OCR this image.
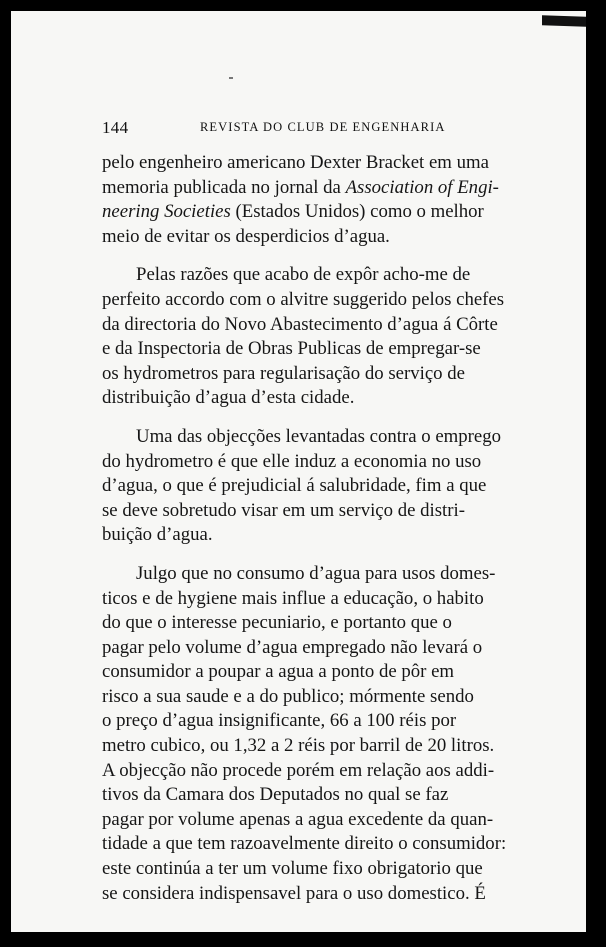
144	REVISTA DO CLUB DE ENGENHARIA

pelo engenheiro americano Dexter Bracket em uma
memoria publicada no jornal da Association of Engi-
neering Societies (Estados Unidos) como o melhor
meio de evitar os desperdicios d’agua.

Pelas razões que acabo de expôr acho-me de
perfeito accordo com o alvitre suggerido pelos chefes
da directoria do Novo Abastecimento d’agua á Côrte
e da Inspectoria de Obras Publicas de empregar-se
os hydrometros para regularisação do serviço de
distribuição d’agua d’esta cidade.

Uma das objecções levantadas contra o emprego
do hydrometro é que elle induz a economia no uso
d’agua, o que é prejudicial á salubridade, fim a que
se deve sobretudo visar em um serviço de distri-
buição d’agua.

Julgo que no consumo d’agua para usos domes-
ticos e de hygiene mais influe a educação, o habito
do que o interesse pecuniario, e portanto que o
pagar pelo volume d’agua empregado não levará o
consumidor a poupar a agua a ponto de pôr em
risco a sua saude e a do publico; mórmente sendo
o preço d’agua insignificante, 66 a 100 réis por
metro cubico, ou 1,32 a 2 réis por barril de 20 litros.
A objecção não procede porém em relação aos addi-
tivos da Camara dos Deputados no qual se faz
pagar por volume apenas a agua excedente da quan-
tidade a que tem razoavelmente direito o consumidor:
este continúa a ter um volume fixo obrigatorio que
se considera indispensavel para o uso domestico. É
